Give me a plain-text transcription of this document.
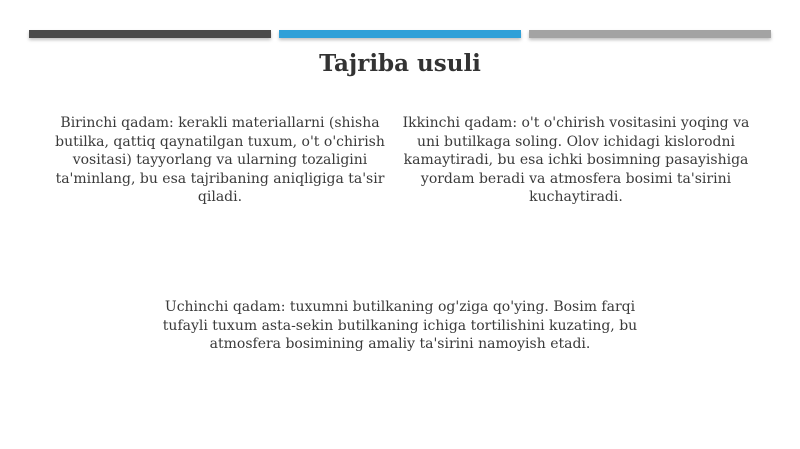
Tajriba usuli
Birinchi qadam: kerakli materiallarni (shisha butilka, qattiq qaynatilgan tuxum, o't o'chirish vositasi) tayyorlang va ularning tozaligini ta'minlang, bu esa tajribaning aniqligiga ta'sir qiladi.
Ikkinchi qadam: o't o'chirish vositasini yoqing va uni butilkaga soling. Olov ichidagi kislorodni kamaytiradi, bu esa ichki bosimning pasayishiga yordam beradi va atmosfera bosimi ta'sirini kuchaytiradi.
Uchinchi qadam: tuxumni butilkaning og'ziga qo'ying. Bosim farqi tufayli tuxum asta-sekin butilkaning ichiga tortilishini kuzating, bu atmosfera bosimining amaliy ta'sirini namoyish etadi.
